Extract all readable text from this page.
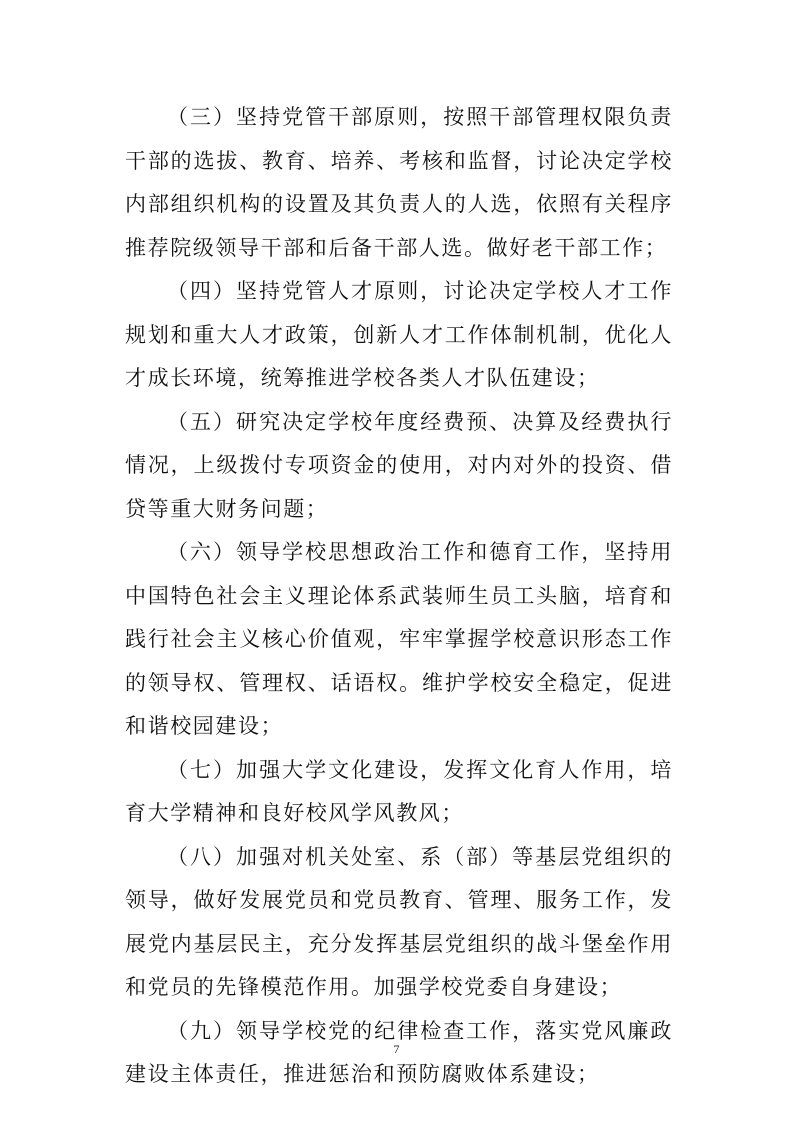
（三）坚持党管干部原则，按照干部管理权限负责干部的选拔、教育、培养、考核和监督，讨论决定学校内部组织机构的设置及其负责人的人选，依照有关程序推荐院级领导干部和后备干部人选。做好老干部工作；

（四）坚持党管人才原则，讨论决定学校人才工作规划和重大人才政策，创新人才工作体制机制，优化人才成长环境，统筹推进学校各类人才队伍建设；

（五）研究决定学校年度经费预、决算及经费执行情况，上级拨付专项资金的使用，对内对外的投资、借贷等重大财务问题；

（六）领导学校思想政治工作和德育工作，坚持用中国特色社会主义理论体系武装师生员工头脑，培育和践行社会主义核心价值观，牢牢掌握学校意识形态工作的领导权、管理权、话语权。维护学校安全稳定，促进和谐校园建设；

（七）加强大学文化建设，发挥文化育人作用，培育大学精神和良好校风学风教风；

（八）加强对机关处室、系（部）等基层党组织的领导，做好发展党员和党员教育、管理、服务工作，发展党内基层民主，充分发挥基层党组织的战斗堡垒作用和党员的先锋模范作用。加强学校党委自身建设；

（九）领导学校党的纪律检查工作，落实党风廉政建设主体责任，推进惩治和预防腐败体系建设；

7
